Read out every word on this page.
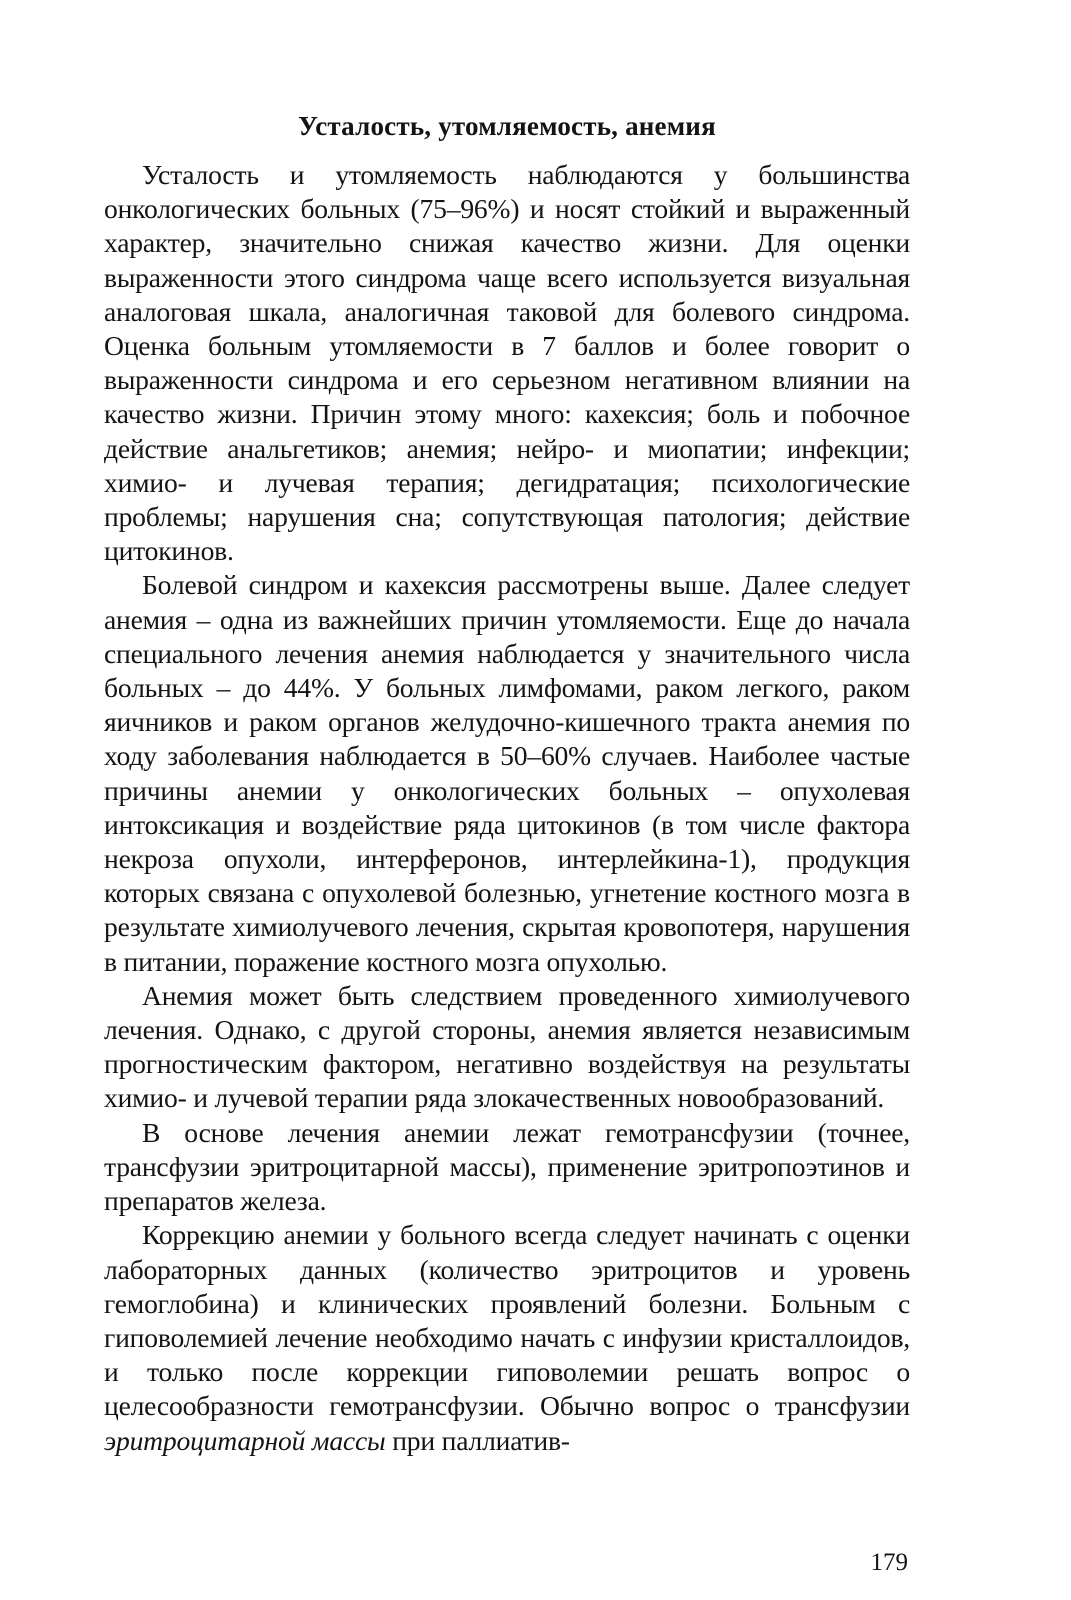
Усталость, утомляемость, анемия

Усталость и утомляемость наблюдаются у большинства онкологических больных (75–96%) и носят стойкий и выраженный характер, значительно снижая качество жизни. Для оценки выраженности этого синдрома чаще всего используется визуальная аналоговая шкала, аналогичная таковой для болевого синдрома. Оценка больным утомляемости в 7 баллов и более говорит о выраженности синдрома и его серьезном негативном влиянии на качество жизни. Причин этому много: кахексия; боль и побочное действие анальгетиков; анемия; нейро- и миопатии; инфекции; химио- и лучевая терапия; дегидратация; психологические проблемы; нарушения сна; сопутствующая патология; действие цитокинов.

Болевой синдром и кахексия рассмотрены выше. Далее следует анемия – одна из важнейших причин утомляемости. Еще до начала специального лечения анемия наблюдается у значительного числа больных – до 44%. У больных лимфомами, раком легкого, раком яичников и раком органов желудочно-кишечного тракта анемия по ходу заболевания наблюдается в 50–60% случаев. Наиболее частые причины анемии у онкологических больных – опухолевая интоксикация и воздействие ряда цитокинов (в том числе фактора некроза опухоли, интерферонов, интерлейкина-1), продукция которых связана с опухолевой болезнью, угнетение костного мозга в результате химиолучевого лечения, скрытая кровопотеря, нарушения в питании, поражение костного мозга опухолью.

Анемия может быть следствием проведенного химиолучевого лечения. Однако, с другой стороны, анемия является независимым прогностическим фактором, негативно воздействуя на результаты химио- и лучевой терапии ряда злокачественных новообразований.

В основе лечения анемии лежат гемотрансфузии (точнее, трансфузии эритроцитарной массы), применение эритропоэтинов и препаратов железа.

Коррекцию анемии у больного всегда следует начинать с оценки лабораторных данных (количество эритроцитов и уровень гемоглобина) и клинических проявлений болезни. Больным с гиповолемией лечение необходимо начать с инфузии кристаллоидов, и только после коррекции гиповолемии решать вопрос о целесообразности гемотрансфузии. Обычно вопрос о трансфузии эритроцитарной массы при паллиатив-

179
